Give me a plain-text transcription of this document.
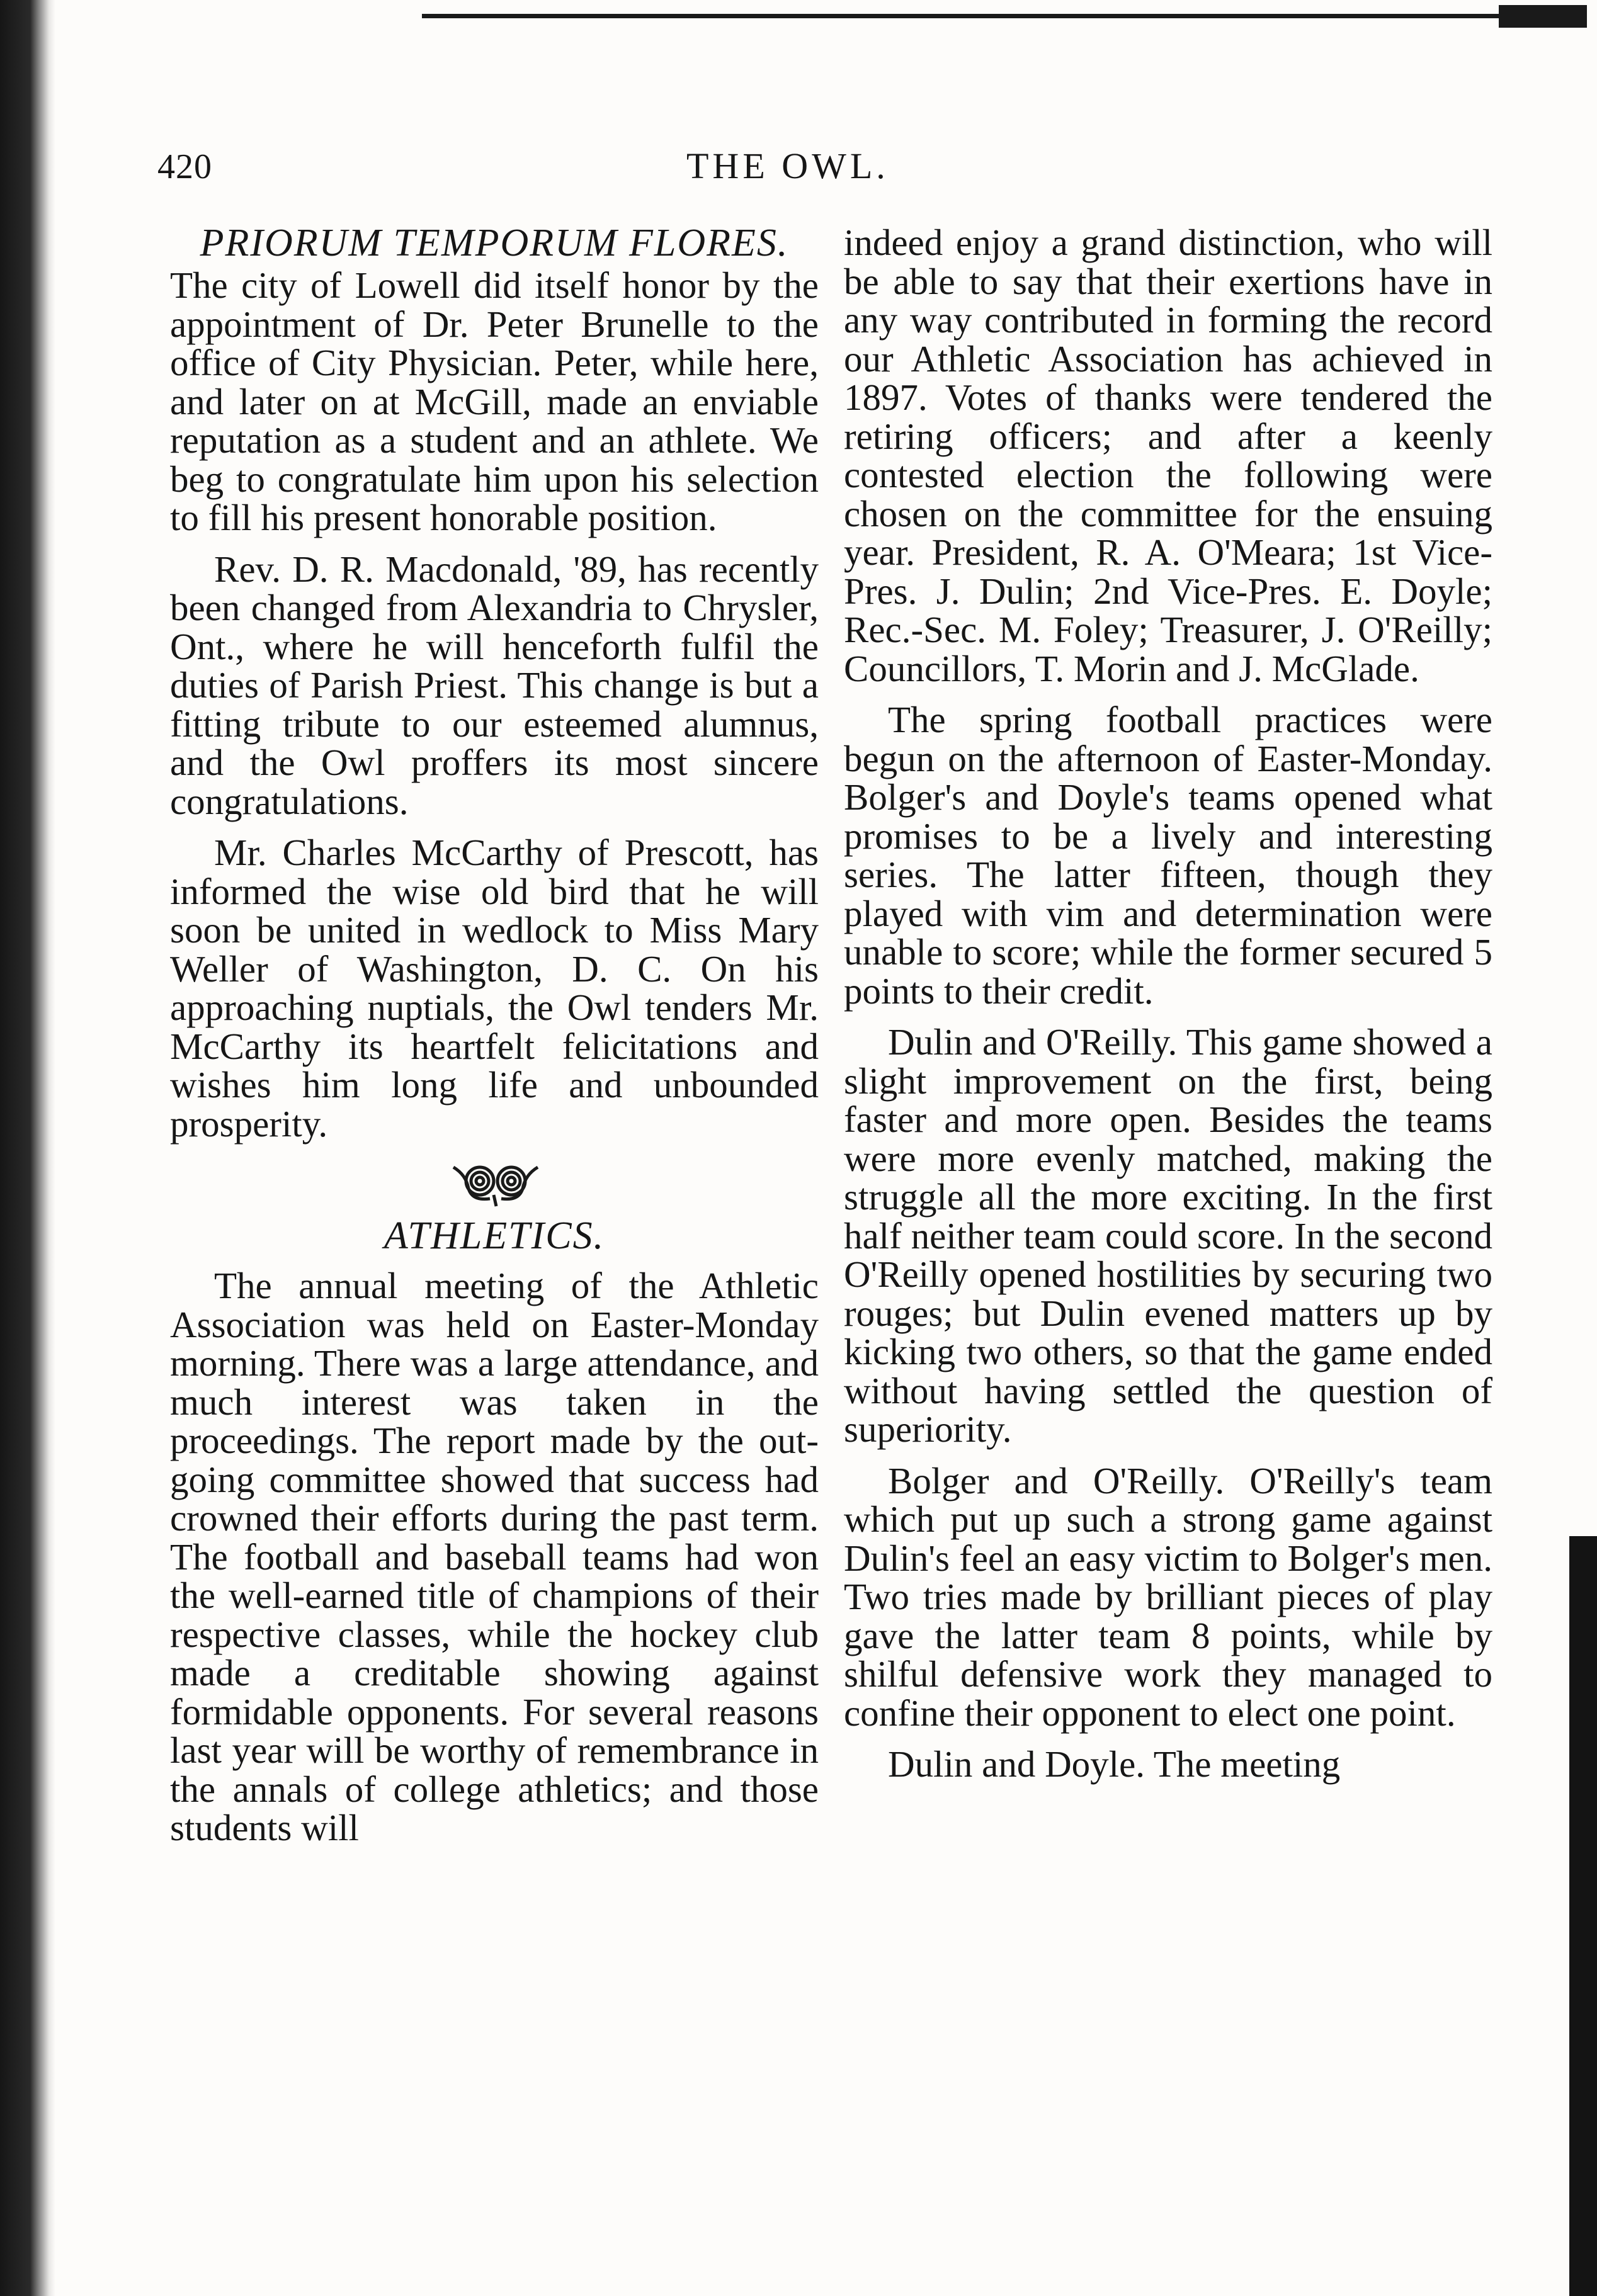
420	THE OWL.
PRIORUM TEMPORUM FLORES.

The city of Lowell did itself honor by the appointment of Dr. Peter Brunelle to the office of City Physician. Peter, while here, and later on at McGill, made an enviable reputation as a student and an athlete. We beg to congratulate him upon his selection to fill his present honorable position.

Rev. D. R. Macdonald, '89, has recently been changed from Alexandria to Chrysler, Ont., where he will henceforth fulfil the duties of Parish Priest. This change is but a fitting tribute to our esteemed alumnus, and the Owl proffers its most sincere congratulations.

Mr. Charles McCarthy of Prescott, has informed the wise old bird that he will soon be united in wedlock to Miss Mary Weller of Washington, D. C. On his approaching nuptials, the Owl tenders Mr. McCarthy its heartfelt felicitations and wishes him long life and unbounded prosperity.

ATHLETICS.

The annual meeting of the Athletic Association was held on Easter-Monday morning. There was a large attendance, and much interest was taken in the proceedings. The report made by the out-going committee showed that success had crowned their efforts during the past term. The football and baseball teams had won the well-earned title of champions of their respective classes, while the hockey club made a creditable showing against formidable opponents. For several reasons last year will be worthy of remembrance in the annals of college athletics; and those students will

indeed enjoy a grand distinction, who will be able to say that their exertions have in any way contributed in forming the record our Athletic Association has achieved in 1897. Votes of thanks were tendered the retiring officers; and after a keenly contested election the following were chosen on the committee for the ensuing year. President, R. A. O'Meara; 1st Vice-Pres. J. Dulin; 2nd Vice-Pres. E. Doyle; Rec.-Sec. M. Foley; Treasurer, J. O'Reilly; Councillors, T. Morin and J. McGlade.

The spring football practices were begun on the afternoon of Easter-Monday. Bolger's and Doyle's teams opened what promises to be a lively and interesting series. The latter fifteen, though they played with vim and determination were unable to score; while the former secured 5 points to their credit.

Dulin and O'Reilly. This game showed a slight improvement on the first, being faster and more open. Besides the teams were more evenly matched, making the struggle all the more exciting. In the first half neither team could score. In the second O'Reilly opened hostilities by securing two rouges; but Dulin evened matters up by kicking two others, so that the game ended without having settled the question of superiority.

Bolger and O'Reilly. O'Reilly's team which put up such a strong game against Dulin's feel an easy victim to Bolger's men. Two tries made by brilliant pieces of play gave the latter team 8 points, while by shilful defensive work they managed to confine their opponent to elect one point.

Dulin and Doyle. The meeting
